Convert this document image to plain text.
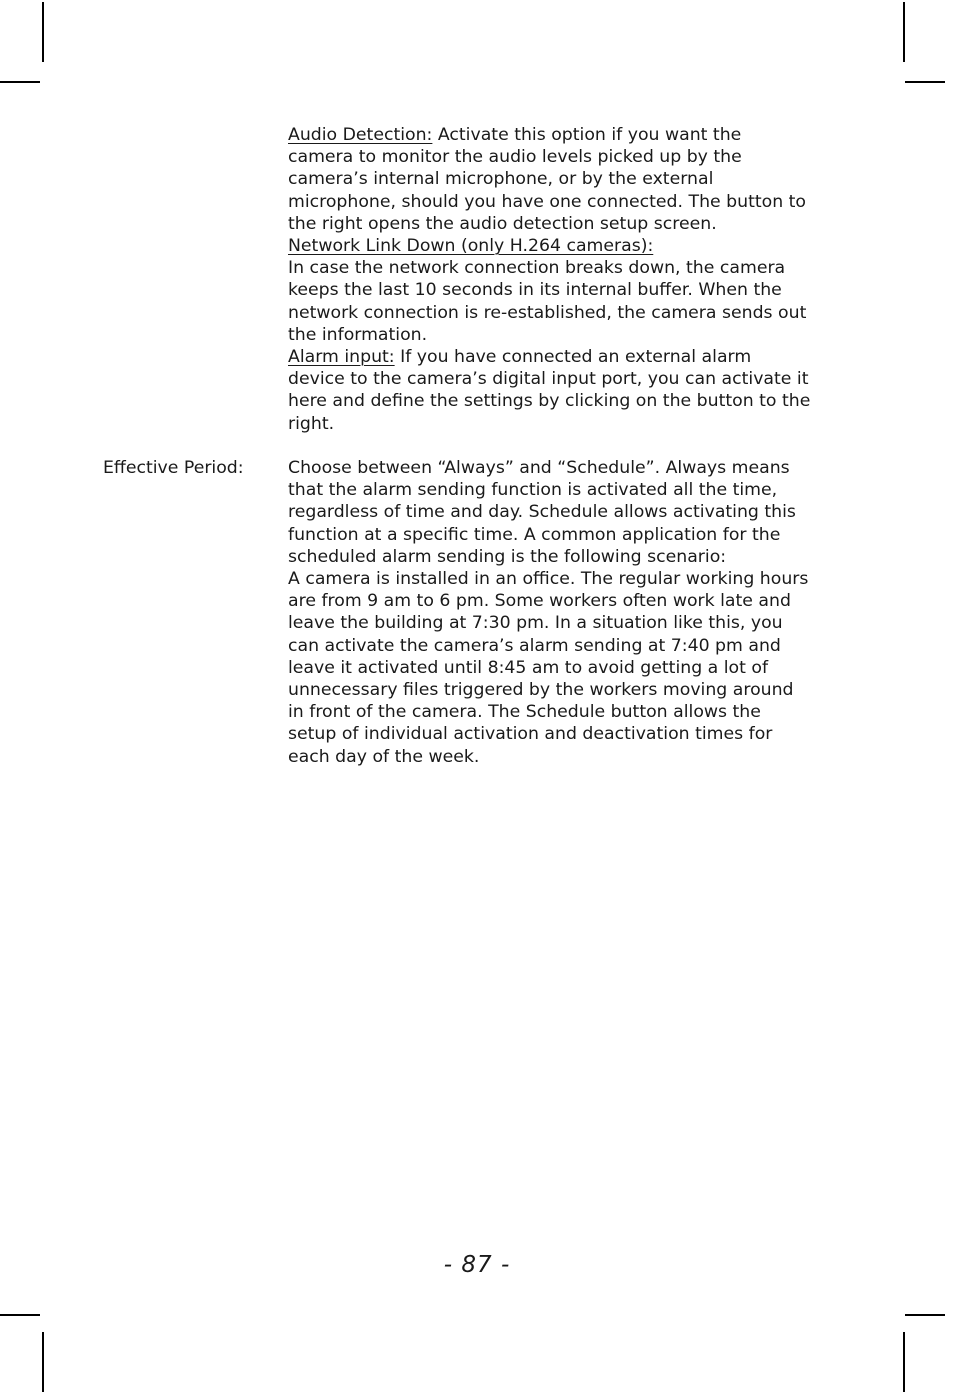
Audio Detection: Activate this option if you want the
camera to monitor the audio levels picked up by the
camera’s internal microphone, or by the external
microphone, should you have one connected. The button to
the right opens the audio detection setup screen.
Network Link Down (only H.264 cameras):
In case the network connection breaks down, the camera
keeps the last 10 seconds in its internal buffer. When the
network connection is re-established, the camera sends out
the information.
Alarm input: If you have connected an external alarm
device to the camera’s digital input port, you can activate it
here and define the settings by clicking on the button to the
right.
Effective Period:	Choose between “Always” and “Schedule”. Always means
that the alarm sending function is activated all the time,
regardless of time and day. Schedule allows activating this
function at a specific time. A common application for the
scheduled alarm sending is the following scenario:
A camera is installed in an office. The regular working hours
are from 9 am to 6 pm. Some workers often work late and
leave the building at 7:30 pm. In a situation like this, you
can activate the camera’s alarm sending at 7:40 pm and
leave it activated until 8:45 am to avoid getting a lot of
unnecessary files triggered by the workers moving around
in front of the camera. The Schedule button allows the
setup of individual activation and deactivation times for
each day of the week.
- 87 -
